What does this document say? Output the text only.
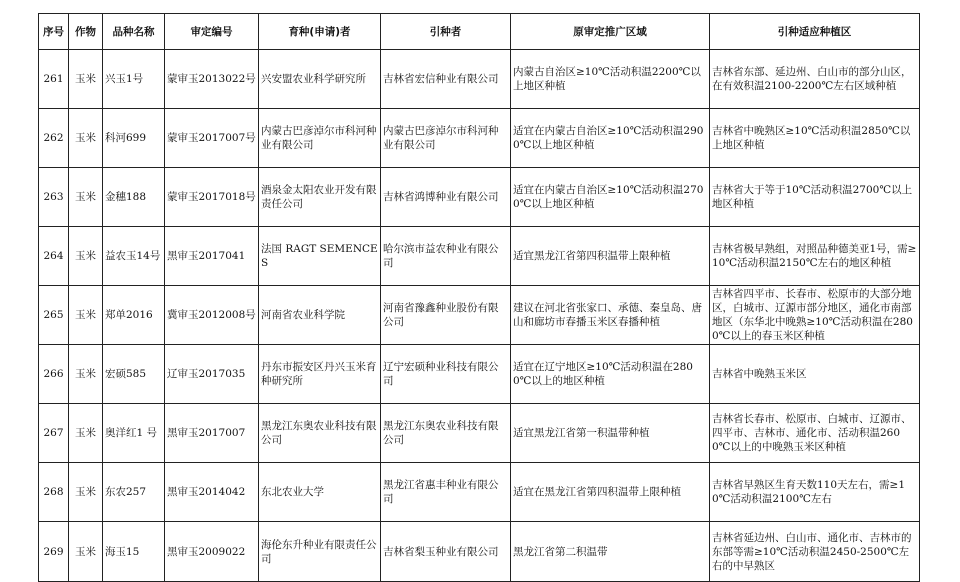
序号	作物	品种名称	审定编号	育种(申请)者	引种者	原审定推广区域	引种适应种植区
261	玉米	兴玉1号	蒙审玉2013022号	兴安盟农业科学研究所	吉林省宏信种业有限公司	内蒙古自治区≥10℃活动积温2200℃以上地区种植	吉林省东部、延边州、白山市的部分山区，在有效积温2100-2200℃左右区域种植
262	玉米	科河699	蒙审玉2017007号	内蒙古巴彦淖尔市科河种业有限公司	内蒙古巴彦淖尔市科河种业有限公司	适宜在内蒙古自治区≥10℃活动积温2900℃以上地区种植	吉林省中晚熟区≥10℃活动积温2850℃以上地区种植
263	玉米	金穗188	蒙审玉2017018号	酒泉金太阳农业开发有限责任公司	吉林省鸿博种业有限公司	适宜在内蒙古自治区≥10℃活动积温2700℃以上地区种植	吉林省大于等于10℃活动积温2700℃以上地区种植
264	玉米	益农玉14号	黑审玉2017041	法国 RAGT SEMENCES	哈尔滨市益农种业有限公司	适宜黑龙江省第四积温带上限种植	吉林省极早熟组，对照品种德美亚1号，需≥10℃活动积温2150℃左右的地区种植
265	玉米	郑单2016	冀审玉2012008号	河南省农业科学院	河南省豫鑫种业股份有限公司	建议在河北省张家口、承德、秦皇岛、唐山和廊坊市春播玉米区春播种植	吉林省四平市、长春市、松原市的大部分地区，白城市、辽源市部分地区，通化市南部地区（东华北中晚熟≥10℃活动积温在2800℃以上的春玉米区种植
266	玉米	宏硕585	辽审玉2017035	丹东市振安区丹兴玉米育种研究所	辽宁宏硕种业科技有限公司	适宜在辽宁地区≥10℃活动积温在2800℃以上的地区种植	吉林省中晚熟玉米区
267	玉米	奥洋红1 号	黑审玉2017007	黑龙江东奥农业科技有限公司	黑龙江东奥农业科技有限公司	适宜黑龙江省第一积温带种植	吉林省长春市、松原市、白城市、辽源市、四平市、吉林市、通化市、活动积温2600℃以上的中晚熟玉米区种植
268	玉米	东农257	黑审玉2014042	东北农业大学	黑龙江省惠丰种业有限公司	适宜在黑龙江省第四积温带上限种植	吉林省早熟区生育天数110天左右，需≥10℃活动积温2100℃左右
269	玉米	海玉15	黑审玉2009022	海伦东升种业有限责任公司	吉林省梨玉种业有限公司	黑龙江省第二积温带	吉林省延边州、白山市、通化市、吉林市的东部等需≥10℃活动积温2450-2500℃左右的中早熟区
